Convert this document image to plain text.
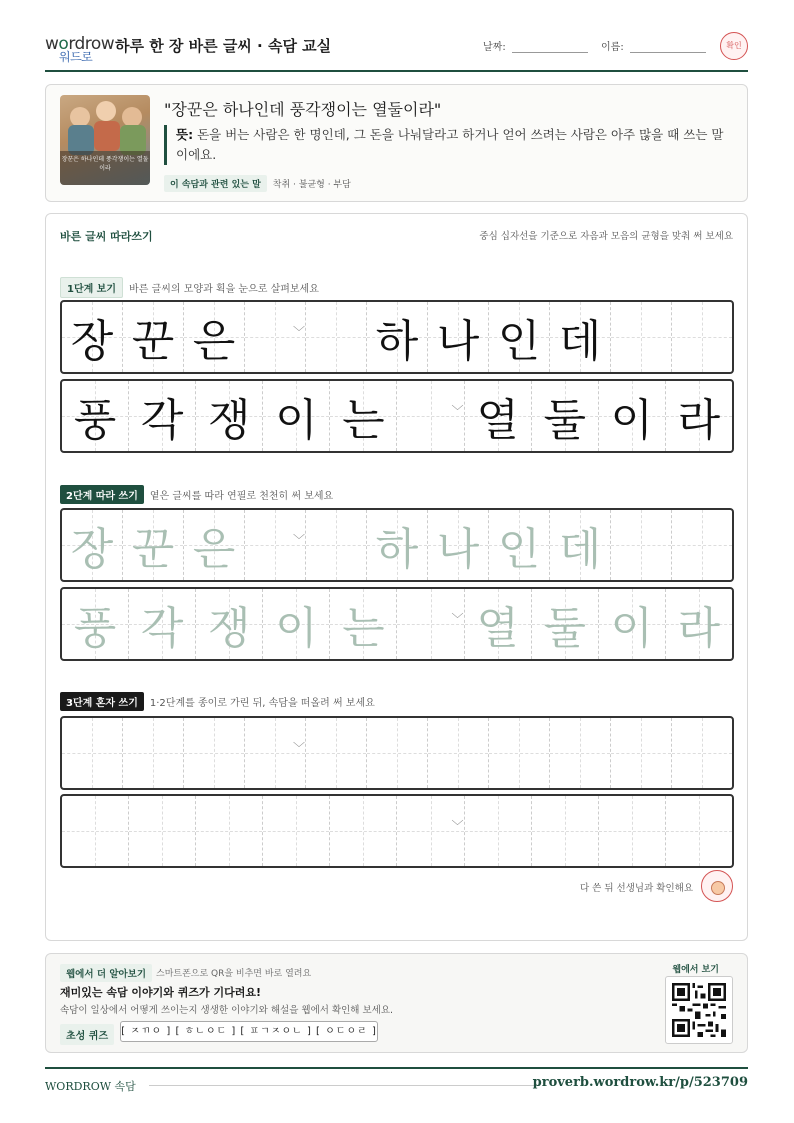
wordrow
워드로
하루 한 장 바른 글씨 · 속담 교실	날짜:	이름:	확인
장꾼은 하나인데 풍각쟁이는 열둘이라
"장꾼은 하나인데 풍각쟁이는 열둘이라"
뜻: 돈을 버는 사람은 한 명인데, 그 돈을 나눠달라고 하거나 얻어 쓰려는 사람은 아주 많을 때 쓰는 말이에요.
이 속담과 관련 있는 말 착취 · 불균형 · 부담
바른 글씨 따라쓰기	중심 십자선을 기준으로 자음과 모음의 균형을 맞춰 써 보세요
1단계 보기 바른 글씨의 모양과 획을 눈으로 살펴보세요
장 꾼 은	﹀ 하 나 인 데
풍 각 쟁 이 는	﹀ 열 둘 이 라
2단계 따라 쓰기 옅은 글씨를 따라 연필로 천천히 써 보세요
장 꾼 은	﹀ 하 나 인 데
풍 각 쟁 이 는	﹀ 열 둘 이 라
3단계 혼자 쓰기 1·2단계를 종이로 가린 뒤, 속담을 떠올려 써 보세요
﹀
﹀
다 쓴 뒤 선생님과 확인해요
웹에서 더 알아보기	스마트폰으로 QR을 비추면 바로 열려요
재미있는 속담 이야기와 퀴즈가 기다려요!
속담이 일상에서 어떻게 쓰이는지 생생한 이야기와 해설을 웹에서 확인해 보세요.
초성 퀴즈	[ ㅈㄲㅇ ] [ ㅎㄴㅇㄷ ] [ ㅍㄱㅈㅇㄴ ] [ ㅇㄷㅇㄹ ]
웹에서 보기
WORDROW 속담	proverb.wordrow.kr/p/523709
